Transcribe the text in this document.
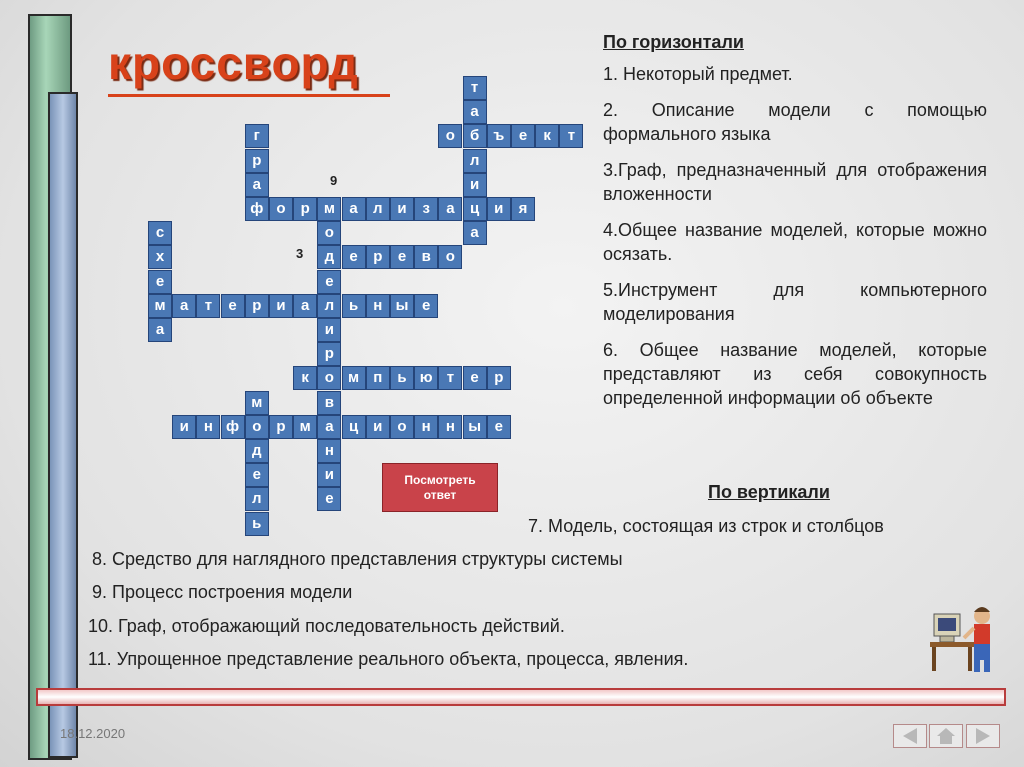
кроссворд
о б ъ е	к	т
ф о	р м а	л и	з	а	ц и	я
д	е	р	е	в	о
м а	т	е	р	и	а	л ь	н ы е
к	о м п	ь ю т	е	р
и	н ф о	р м а	ц и	о	н	н ы е
т
а
л
и
а
г
р
а
с
х
е
а
о
е
и
р
в
н
и
е
м
д
е
л
ь
9
3
Посмотреть
ответ
По горизонтали
1. Некоторый предмет.
2. Описание модели с помощью формального языка
3.Граф, предназначенный для отображения вложенности
4.Общее название моделей, которые можно осязать.
5.Инструмент для компьютерного моделирования
6. Общее название моделей, которые представляют из себя совокупность определенной информации об объекте
По вертикали
7. Модель, состоящая из строк и столбцов
8. Средство для наглядного представления структуры системы
9. Процесс построения модели
10. Граф, отображающий последовательность действий.
11. Упрощенное представление реального объекта, процесса, явления.
18.12.2020
